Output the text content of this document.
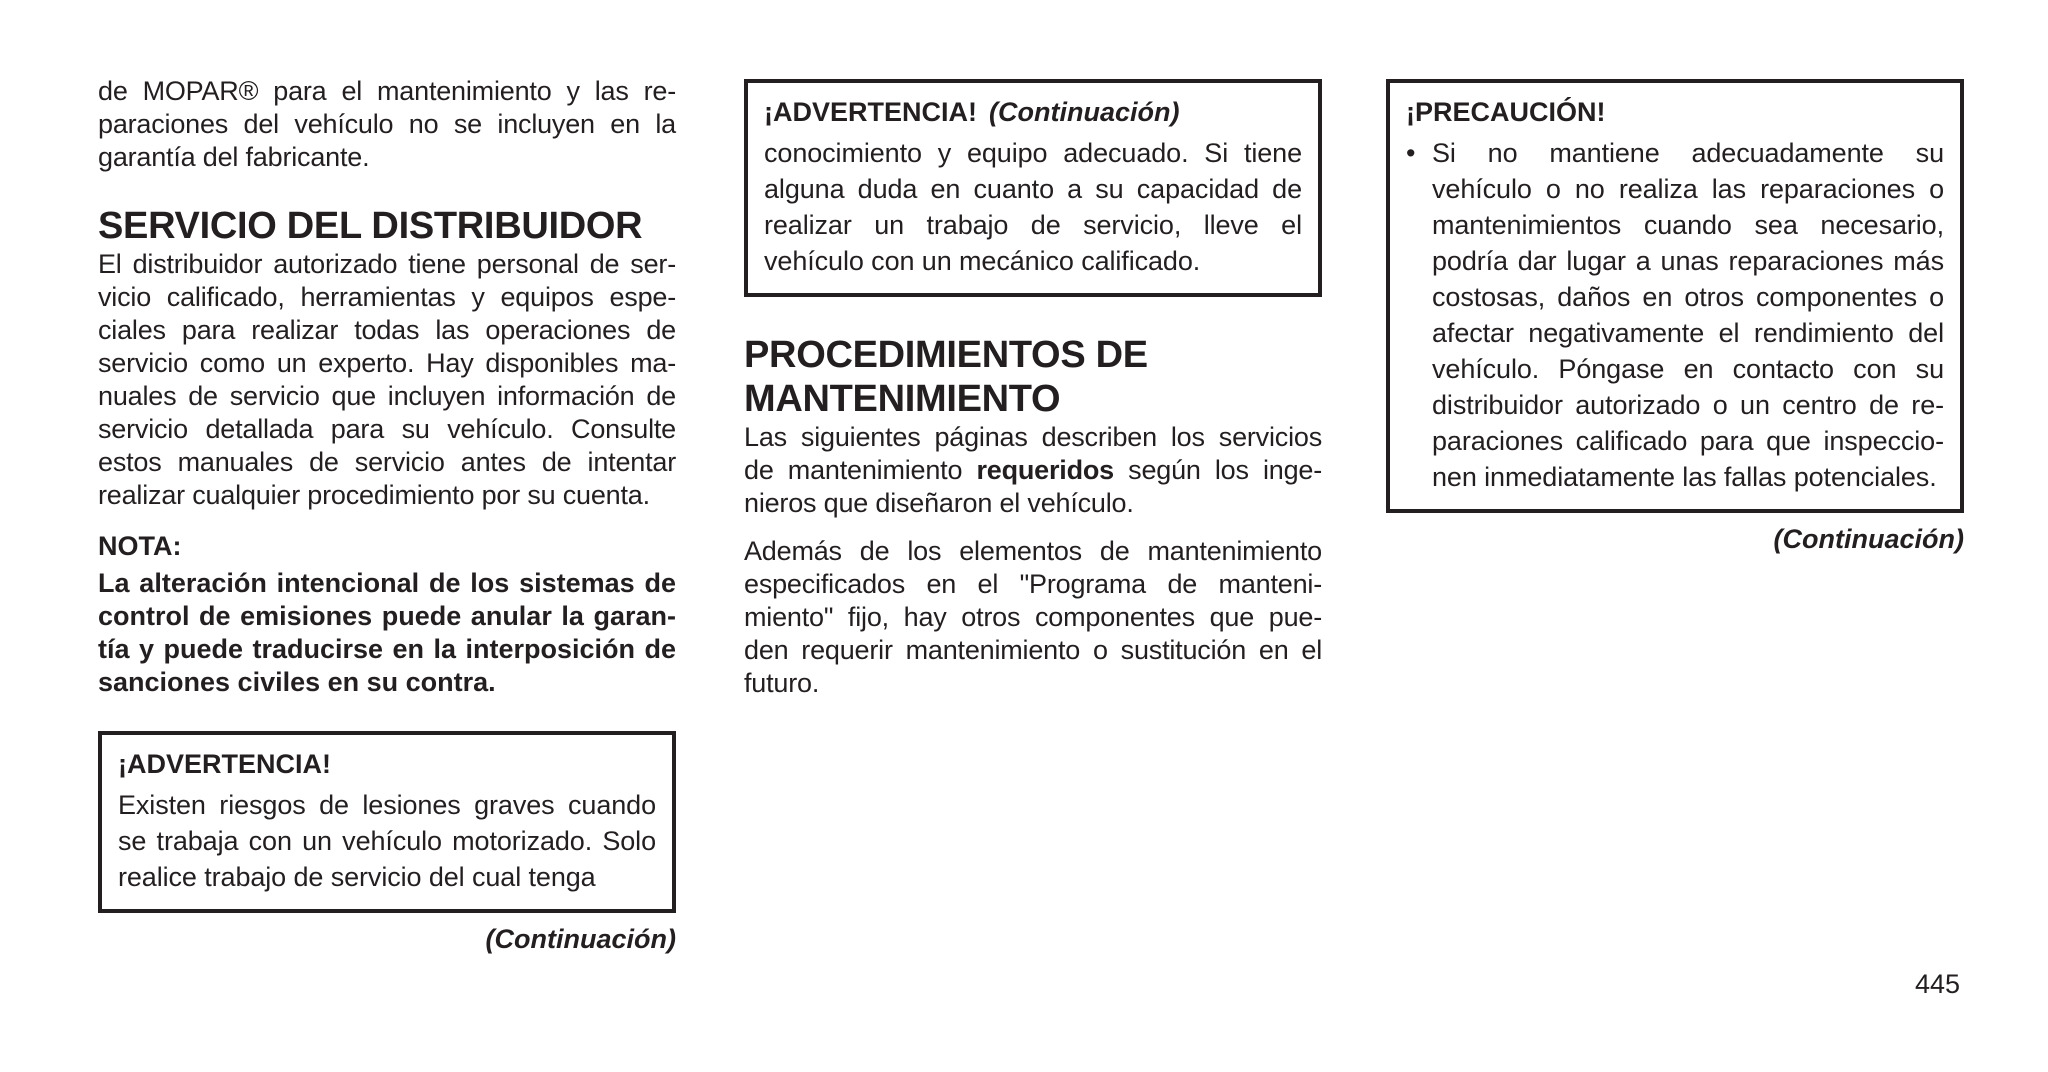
de MOPAR® para el mantenimiento y las re-paraciones del vehículo no se incluyen en la garantía del fabricante.

SERVICIO DEL DISTRIBUIDOR

El distribuidor autorizado tiene personal de ser-vicio calificado, herramientas y equipos espe-ciales para realizar todas las operaciones de servicio como un experto. Hay disponibles ma-nuales de servicio que incluyen información de servicio detallada para su vehículo. Consulte estos manuales de servicio antes de intentar realizar cualquier procedimiento por su cuenta.

NOTA:

La alteración intencional de los sistemas de control de emisiones puede anular la garan-tía y puede traducirse en la interposición de sanciones civiles en su contra.

¡ADVERTENCIA!

Existen riesgos de lesiones graves cuando se trabaja con un vehículo motorizado. Solo realice trabajo de servicio del cual tenga

(Continuación)

¡ADVERTENCIA! (Continuación)

conocimiento y equipo adecuado. Si tiene alguna duda en cuanto a su capacidad de realizar un trabajo de servicio, lleve el vehículo con un mecánico calificado.

PROCEDIMIENTOS DE
MANTENIMIENTO

Las siguientes páginas describen los servicios de mantenimiento requeridos según los inge-nieros que diseñaron el vehículo.

Además de los elementos de mantenimiento especificados en el "Programa de manteni-miento" fijo, hay otros componentes que pue-den requerir mantenimiento o sustitución en el futuro.

¡PRECAUCIÓN!

• Si no mantiene adecuadamente su vehículo o no realiza las reparaciones o mantenimientos cuando sea necesario, podría dar lugar a unas reparaciones más costosas, daños en otros componentes o afectar negativamente el rendimiento del vehículo. Póngase en contacto con su distribuidor autorizado o un centro de re-paraciones calificado para que inspeccio-nen inmediatamente las fallas potenciales.

(Continuación)

445
